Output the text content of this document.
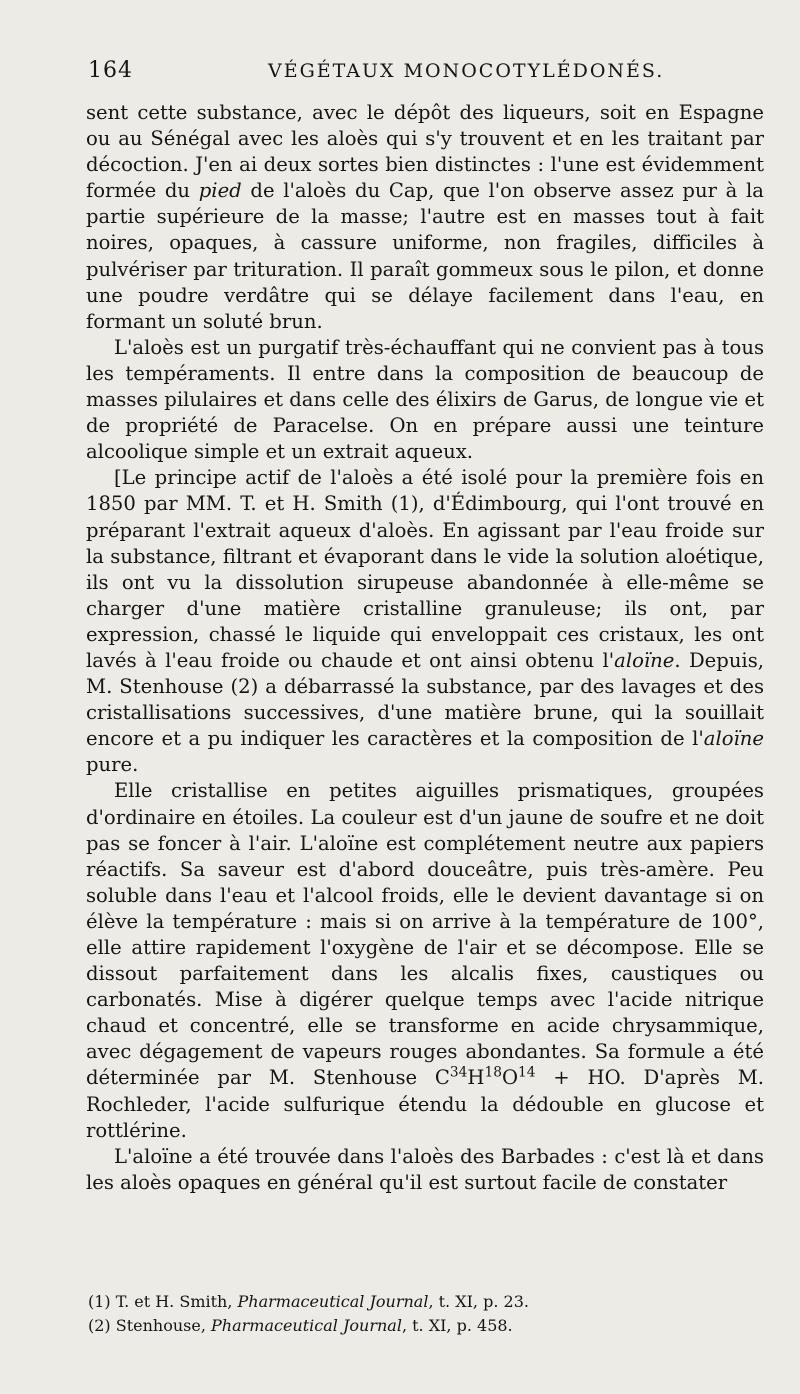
164	VÉGÉTAUX MONOCOTYLÉDONÉS.

sent cette substance, avec le dépôt des liqueurs, soit en Espagne ou au Sénégal avec les aloès qui s'y trouvent et en les traitant par décoction. J'en ai deux sortes bien distinctes : l'une est évidemment formée du pied de l'aloès du Cap, que l'on observe assez pur à la partie supérieure de la masse; l'autre est en masses tout à fait noires, opaques, à cassure uniforme, non fragiles, difficiles à pulvériser par trituration. Il paraît gommeux sous le pilon, et donne une poudre verdâtre qui se délaye facilement dans l'eau, en formant un soluté brun.

L'aloès est un purgatif très-échauffant qui ne convient pas à tous les tempéraments. Il entre dans la composition de beaucoup de masses pilulaires et dans celle des élixirs de Garus, de longue vie et de propriété de Paracelse. On en prépare aussi une teinture alcoolique simple et un extrait aqueux.

[Le principe actif de l'aloès a été isolé pour la première fois en 1850 par MM. T. et H. Smith (1), d'Édimbourg, qui l'ont trouvé en préparant l'extrait aqueux d'aloès. En agissant par l'eau froide sur la substance, filtrant et évaporant dans le vide la solution aloétique, ils ont vu la dissolution sirupeuse abandonnée à elle-même se charger d'une matière cristalline granuleuse; ils ont, par expression, chassé le liquide qui enveloppait ces cristaux, les ont lavés à l'eau froide ou chaude et ont ainsi obtenu l'aloïne. Depuis, M. Stenhouse (2) a débarrassé la substance, par des lavages et des cristallisations successives, d'une matière brune, qui la souillait encore et a pu indiquer les caractères et la composition de l'aloïne pure.

Elle cristallise en petites aiguilles prismatiques, groupées d'ordinaire en étoiles. La couleur est d'un jaune de soufre et ne doit pas se foncer à l'air. L'aloïne est complétement neutre aux papiers réactifs. Sa saveur est d'abord douceâtre, puis très-amère. Peu soluble dans l'eau et l'alcool froids, elle le devient davantage si on élève la température : mais si on arrive à la température de 100°, elle attire rapidement l'oxygène de l'air et se décompose. Elle se dissout parfaitement dans les alcalis fixes, caustiques ou carbonatés. Mise à digérer quelque temps avec l'acide nitrique chaud et concentré, elle se transforme en acide chrysammique, avec dégagement de vapeurs rouges abondantes. Sa formule a été déterminée par M. Stenhouse $C^{34}H^{18}O^{14}$ + HO. D'après M. Rochleder, l'acide sulfurique étendu la dédouble en glucose et rottlérine.

L'aloïne a été trouvée dans l'aloès des Barbades : c'est là et dans les aloès opaques en général qu'il est surtout facile de constater

(1) T. et H. Smith, Pharmaceutical Journal, t. XI, p. 23.

(2) Stenhouse, Pharmaceutical Journal, t. XI, p. 458.
